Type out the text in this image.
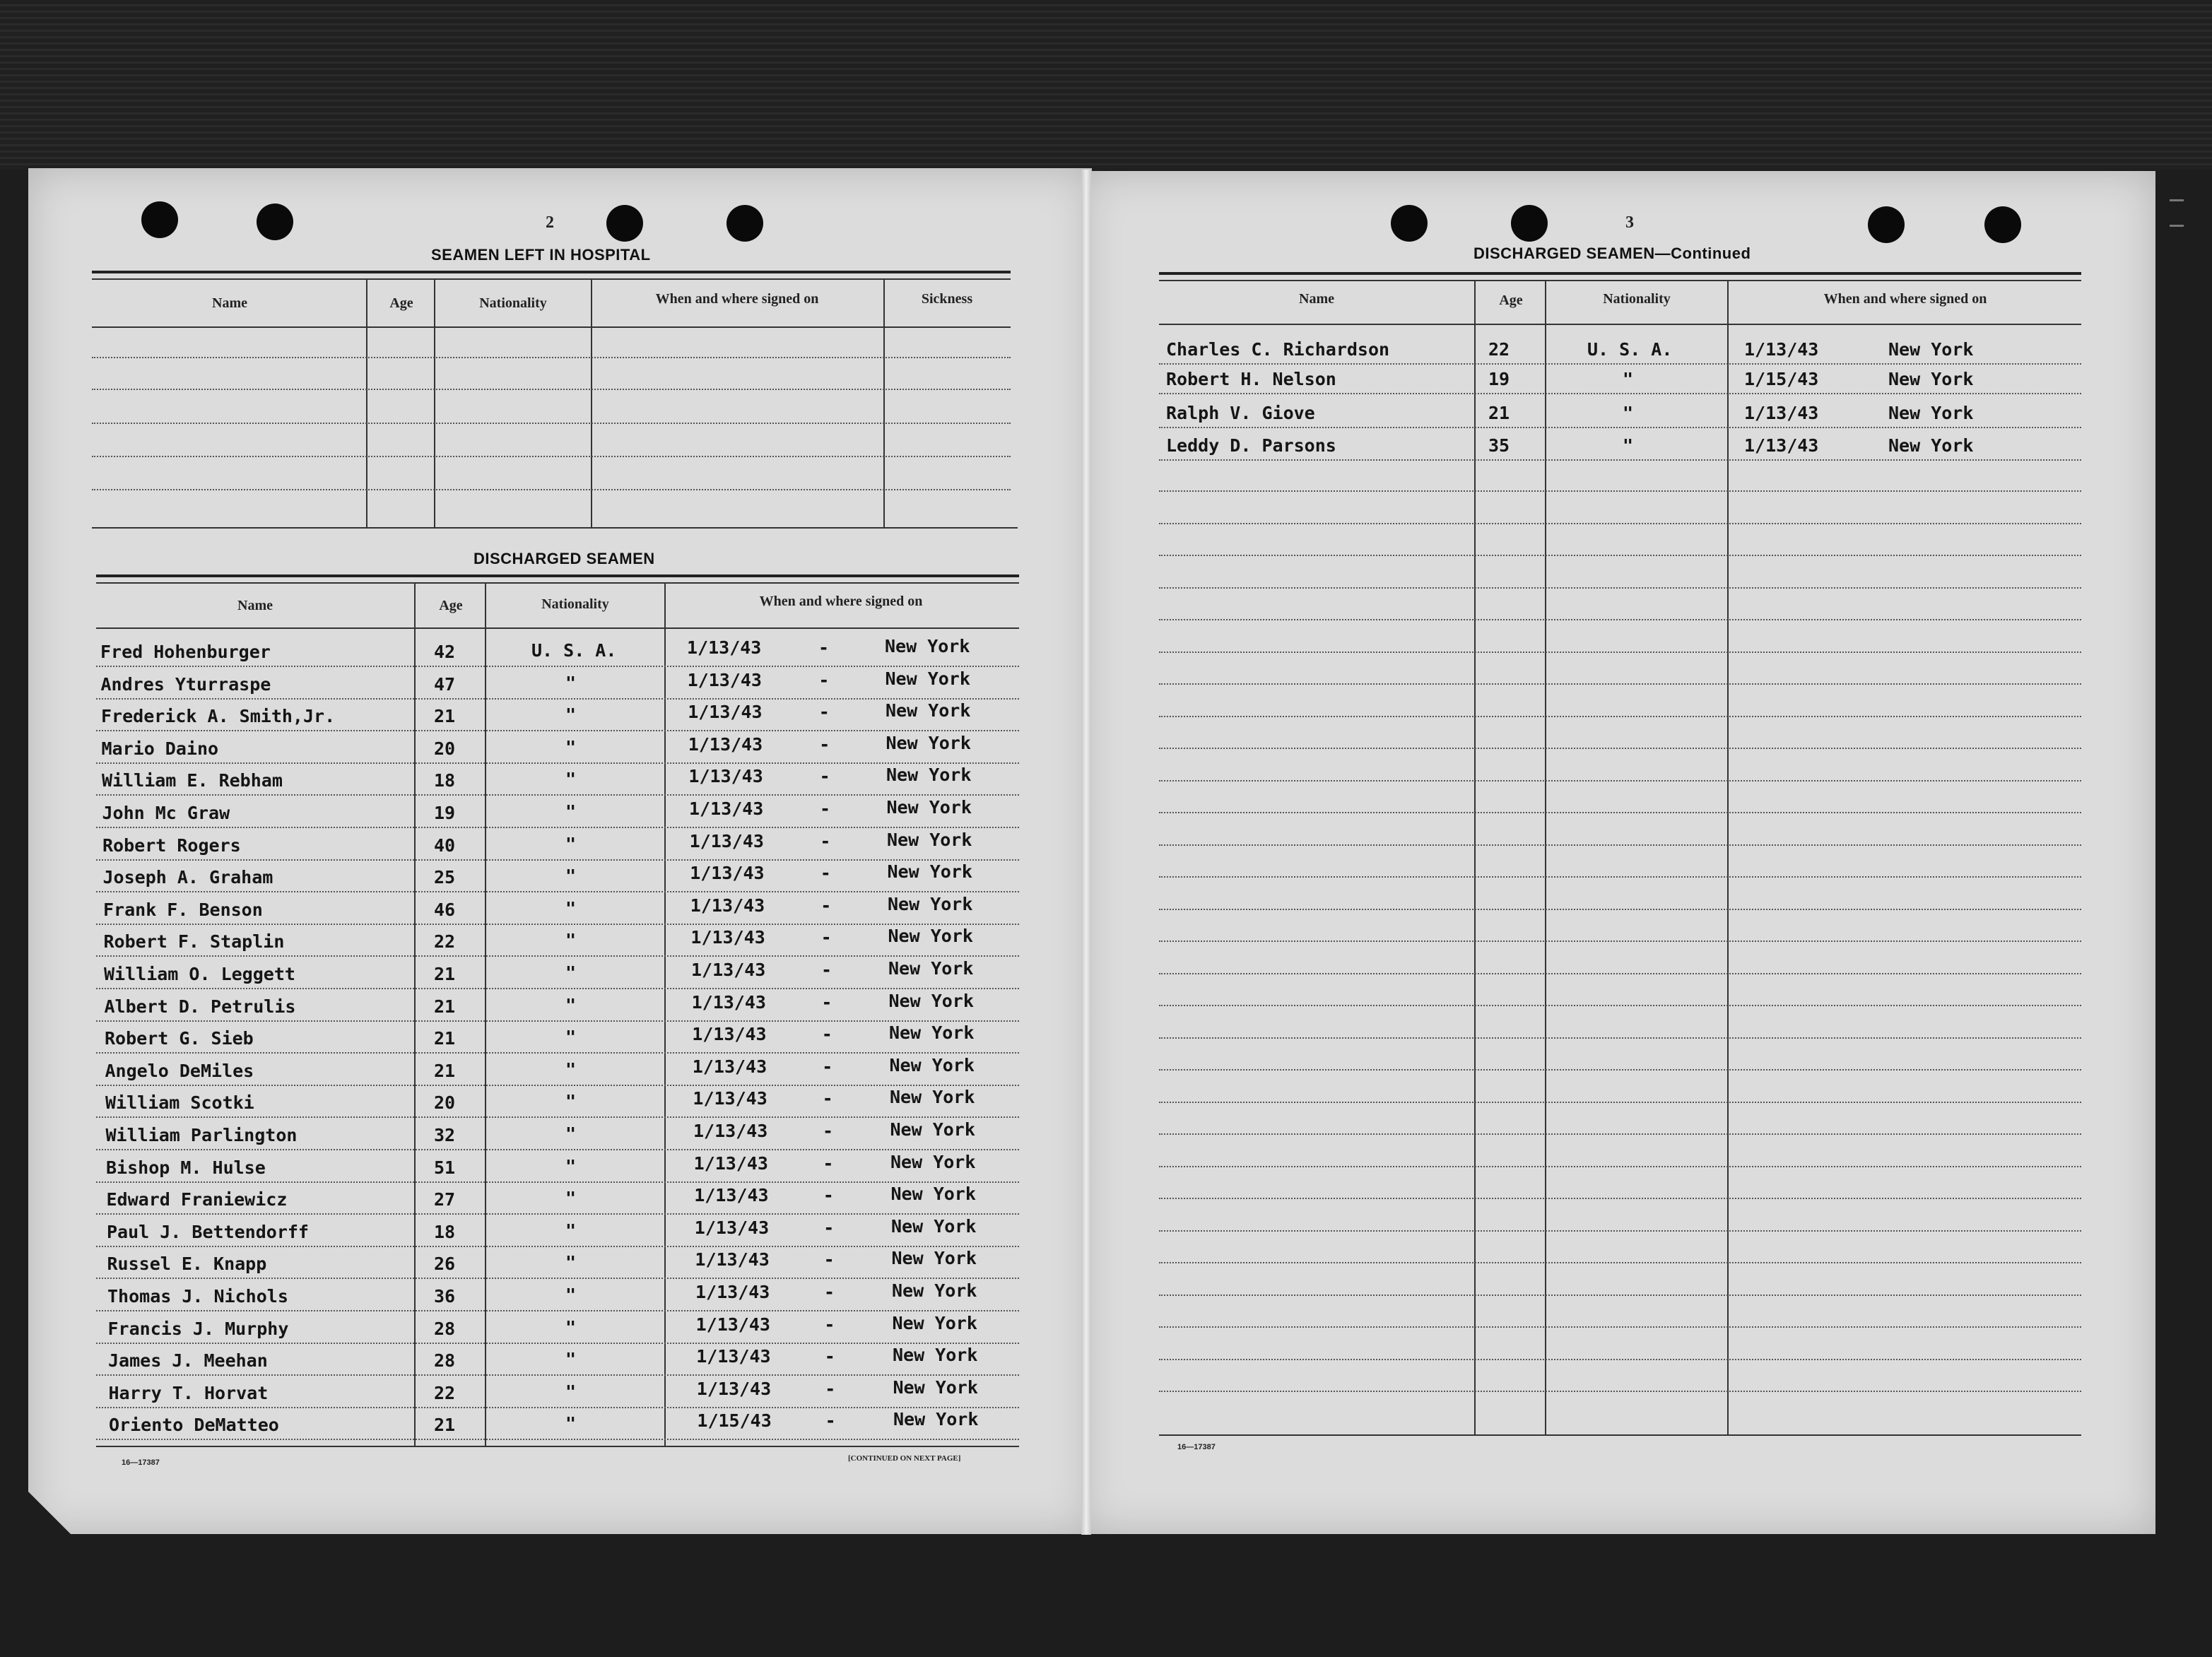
2
SEAMEN LEFT IN HOSPITAL
Name	Age	Nationality	When and where signed on	Sickness
DISCHARGED SEAMEN
Name	Age	Nationality	When and where signed on
Fred Hohenburger	42	U. S. A.	1/13/43	-	New York
Andres Yturraspe	47	"	1/13/43	-	New York
Frederick A. Smith,Jr.	21	"	1/13/43	-	New York
Mario Daino	20	"	1/13/43	-	New York
William E. Rebham	18	"	1/13/43	-	New York
John Mc Graw	19	"	1/13/43	-	New York
Robert Rogers	40	"	1/13/43	-	New York
Joseph A. Graham	25	"	1/13/43	-	New York
Frank F. Benson	46	"	1/13/43	-	New York
Robert F. Staplin	22	"	1/13/43	-	New York
William O. Leggett	21	"	1/13/43	-	New York
Albert D. Petrulis	21	"	1/13/43	-	New York
Robert G. Sieb	21	"	1/13/43	-	New York
Angelo DeMiles	21	"	1/13/43	-	New York
William Scotki	20	"	1/13/43	-	New York
William Parlington	32	"	1/13/43	-	New York
Bishop M. Hulse	51	"	1/13/43	-	New York
Edward Franiewicz	27	"	1/13/43	-	New York
Paul J. Bettendorff	18	"	1/13/43	-	New York
Russel E. Knapp	26	"	1/13/43	-	New York
Thomas J. Nichols	36	"	1/13/43	-	New York
Francis J. Murphy	28	"	1/13/43	-	New York
James J. Meehan	28	"	1/13/43	-	New York
Harry T. Horvat	22	"	1/13/43	-	New York
Oriento DeMatteo	21	"	1/15/43	-	New York
16—17387	[CONTINUED ON NEXT PAGE]
3
DISCHARGED SEAMEN—Continued
Name	Age	Nationality	When and where signed on
Charles C. Richardson	22	U. S. A.	1/13/43	New York
Robert H. Nelson	19	"	1/15/43	New York
Ralph V. Giove	21	"	1/13/43	New York
Leddy D. Parsons	35	"	1/13/43	New York
16—17387
